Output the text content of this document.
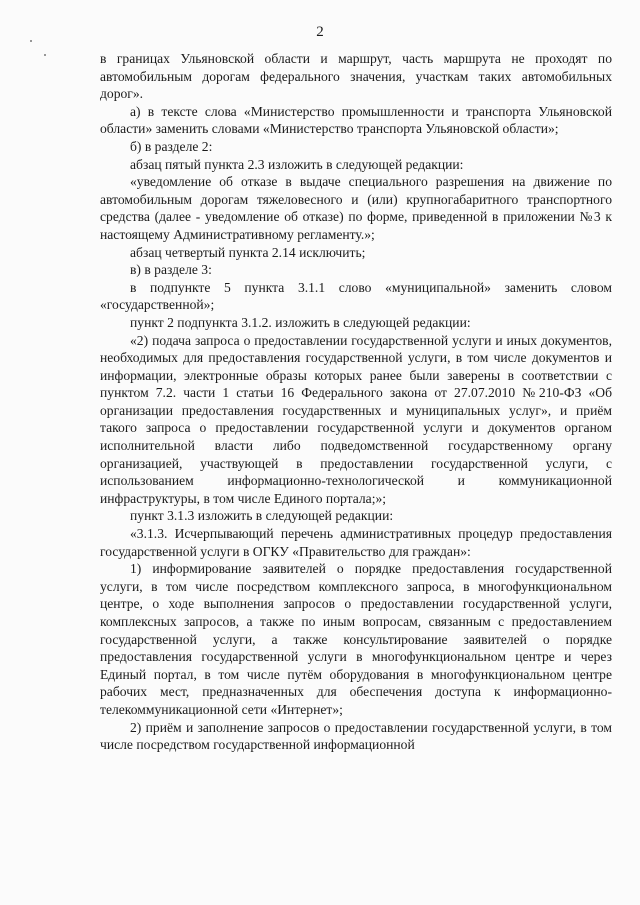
2

в границах Ульяновской области и маршрут, часть маршрута не проходят по автомобильным дорогам федерального значения, участкам таких автомобильных дорог».

а) в тексте слова «Министерство промышленности и транспорта Ульяновской области» заменить словами «Министерство транспорта Ульяновской области»;

б) в разделе 2:

абзац пятый пункта 2.3 изложить в следующей редакции:

«уведомление об отказе в выдаче специального разрешения на движение по автомобильным дорогам тяжеловесного и (или) крупногабаритного транспортного средства (далее - уведомление об отказе) по форме, приведенной в приложении №3 к настоящему Административному регламенту.»;

абзац четвертый пункта 2.14 исключить;

в) в разделе 3:

в подпункте 5 пункта 3.1.1 слово «муниципальной» заменить словом «государственной»;

пункт 2 подпункта 3.1.2. изложить в следующей редакции:

«2) подача запроса о предоставлении государственной услуги и иных документов, необходимых для предоставления государственной услуги, в том числе документов и информации, электронные образы которых ранее были заверены в соответствии с пунктом 7.2. части 1 статьи 16 Федерального закона от 27.07.2010 №210-ФЗ «Об организации предоставления государственных и муниципальных услуг», и приём такого запроса о предоставлении государственной услуги и документов органом исполнительной власти либо подведомственной государственному органу организацией, участвующей в предоставлении государственной услуги, с использованием информационно-технологической и коммуникационной инфраструктуры, в том числе Единого портала;»;

пункт 3.1.3 изложить в следующей редакции:

«3.1.3. Исчерпывающий перечень административных процедур предоставления государственной услуги в ОГКУ «Правительство для граждан»:

1) информирование заявителей о порядке предоставления государственной услуги, в том числе посредством комплексного запроса, в многофункциональном центре, о ходе выполнения запросов о предоставлении государственной услуги, комплексных запросов, а также по иным вопросам, связанным с предоставлением государственной услуги, а также консультирование заявителей о порядке предоставления государственной услуги в многофункциональном центре и через Единый портал, в том числе путём оборудования в многофункциональном центре рабочих мест, предназначенных для обеспечения доступа к информационно-телекоммуникационной сети «Интернет»;

2) приём и заполнение запросов о предоставлении государственной услуги, в том числе посредством государственной информационной
